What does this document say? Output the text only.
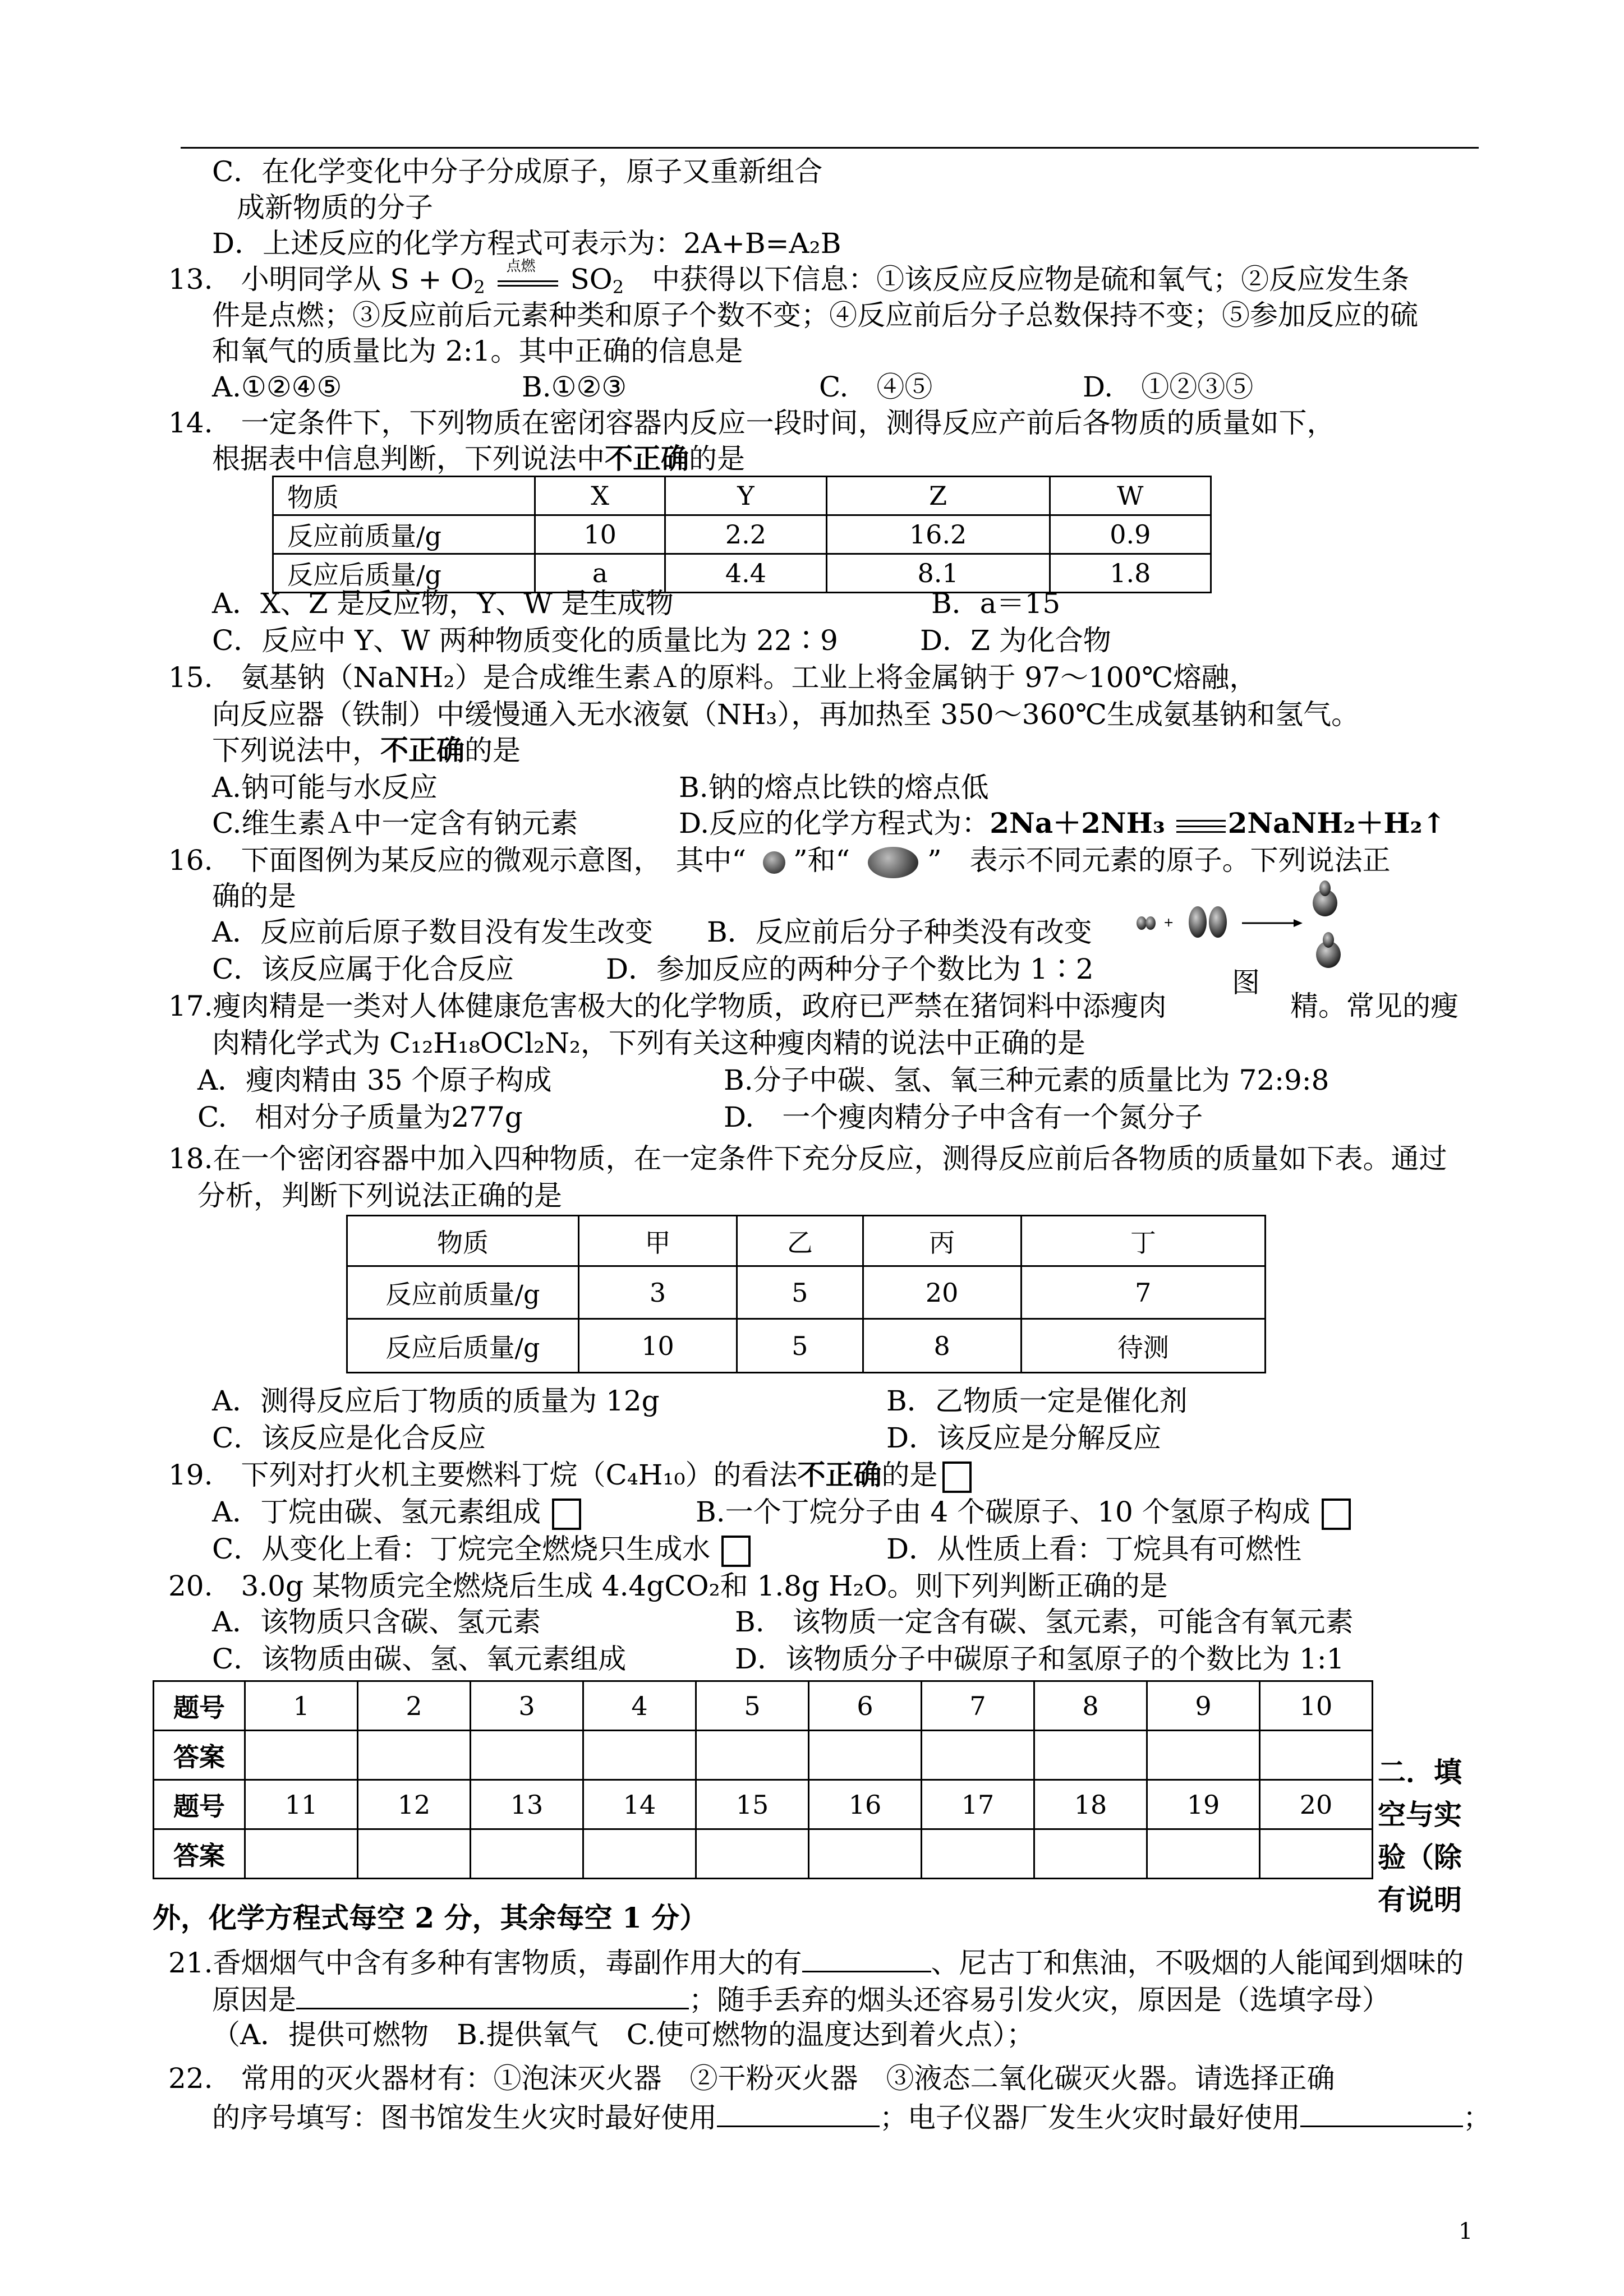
C．在化学变化中分子分成原子，原子又重新组合
成新物质的分子
D．上述反应的化学方程式可表示为：2A+B=A₂B
13.　小明同学从 $S + O_2$
点燃 $SO_2$　中获得以下信息：①该反应反应物是硫和氧气；②反应发生条
件是点燃；③反应前后元素种类和原子个数不变；④反应前后分子总数保持不变；⑤参加反应的硫
和氧气的质量比为 2:1。其中正确的信息是
A.①②④⑤	B.①②③	C.　④⑤	D.　①②③⑤
14.　一定条件下，下列物质在密闭容器内反应一段时间，测得反应产前后各物质的质量如下，
根据表中信息判断，下列说法中不正确的是
物质	X	Y	Z	W
反应前质量/g	10	2.2	16.2	0.9
反应后质量/g	a	4.4	8.1	1.8
A．X、Z 是反应物，Y、W 是生成物	B．a＝15
C．反应中 Y、W 两种物质变化的质量比为 22∶9	D．Z 为化合物
15.　氨基钠（NaNH₂）是合成维生素Ａ的原料。工业上将金属钠于 97～100℃熔融，
向反应器（铁制）中缓慢通入无水液氨（NH₃），再加热至 350～360℃生成氨基钠和氢气。
下列说法中，不正确的是
A.钠可能与水反应	B.钠的熔点比铁的熔点低
C.维生素Ａ中一定含有钠元素	D.反应的化学方程式为：2Na＋2NH₃ 2NaNH₂＋H₂↑
16.　下面图例为某反应的微观示意图，　其中“ ”和“	”　表示不同元素的原子。下列说法正
确的是
A．反应前后原子数目没有发生改变 B．反应前后分子种类没有改变
C．该反应属于化合反应	D．参加反应的两种分子个数比为 1∶2
+
图
17.瘦肉精是一类对人体健康危害极大的化学物质，政府已严禁在猪饲料中添瘦肉	精。常见的瘦
肉精化学式为 C₁₂H₁₈OCl₂N₂，下列有关这种瘦肉精的说法中正确的是
A．瘦肉精由 35 个原子构成	B.分子中碳、氢、氧三种元素的质量比为 72:9:8
C.　相对分子质量为277g	D.　一个瘦肉精分子中含有一个氮分子
18.在一个密闭容器中加入四种物质，在一定条件下充分反应，测得反应前后各物质的质量如下表。通过
分析，判断下列说法正确的是
物质	甲	乙	丙	丁
反应前质量/g	3	5	20	7
反应后质量/g	10	5	8	待测
A．测得反应后丁物质的质量为 12g	B．乙物质一定是催化剂
C．该反应是化合反应	D．该反应是分解反应
19.　下列对打火机主要燃料丁烷（C₄H₁₀）的看法不正确的是
A．丁烷由碳、氢元素组成	B.一个丁烷分子由 4 个碳原子、10 个氢原子构成
C．从变化上看：丁烷完全燃烧只生成水	D．从性质上看：丁烷具有可燃性
20.　3.0g 某物质完全燃烧后生成 4.4gCO₂和 1.8g H₂O。则下列判断正确的是
A．该物质只含碳、氢元素	B.　该物质一定含有碳、氢元素，可能含有氧元素
C．该物质由碳、氢、氧元素组成	D．该物质分子中碳原子和氢原子的个数比为 1:1
题号	1	2	3	4	5	6	7	8	9	10
答案										
题号	11	12	13	14	15	16	17	18	19	20
答案										
二．填
空与实
验（除
有说明
外，化学方程式每空 2 分，其余每空 1 分）
21.香烟烟气中含有多种有害物质，毒副作用大的有	、尼古丁和焦油，不吸烟的人能闻到烟味的
原因是	；随手丢弃的烟头还容易引发火灾，原因是（选填字母）
（A．提供可燃物　B.提供氧气　C.使可燃物的温度达到着火点）；
22.　常用的灭火器材有：①泡沫灭火器　②干粉灭火器　③液态二氧化碳灭火器。请选择正确
的序号填写：图书馆发生火灾时最好使用	；电子仪器厂发生火灾时最好使用	；
1
